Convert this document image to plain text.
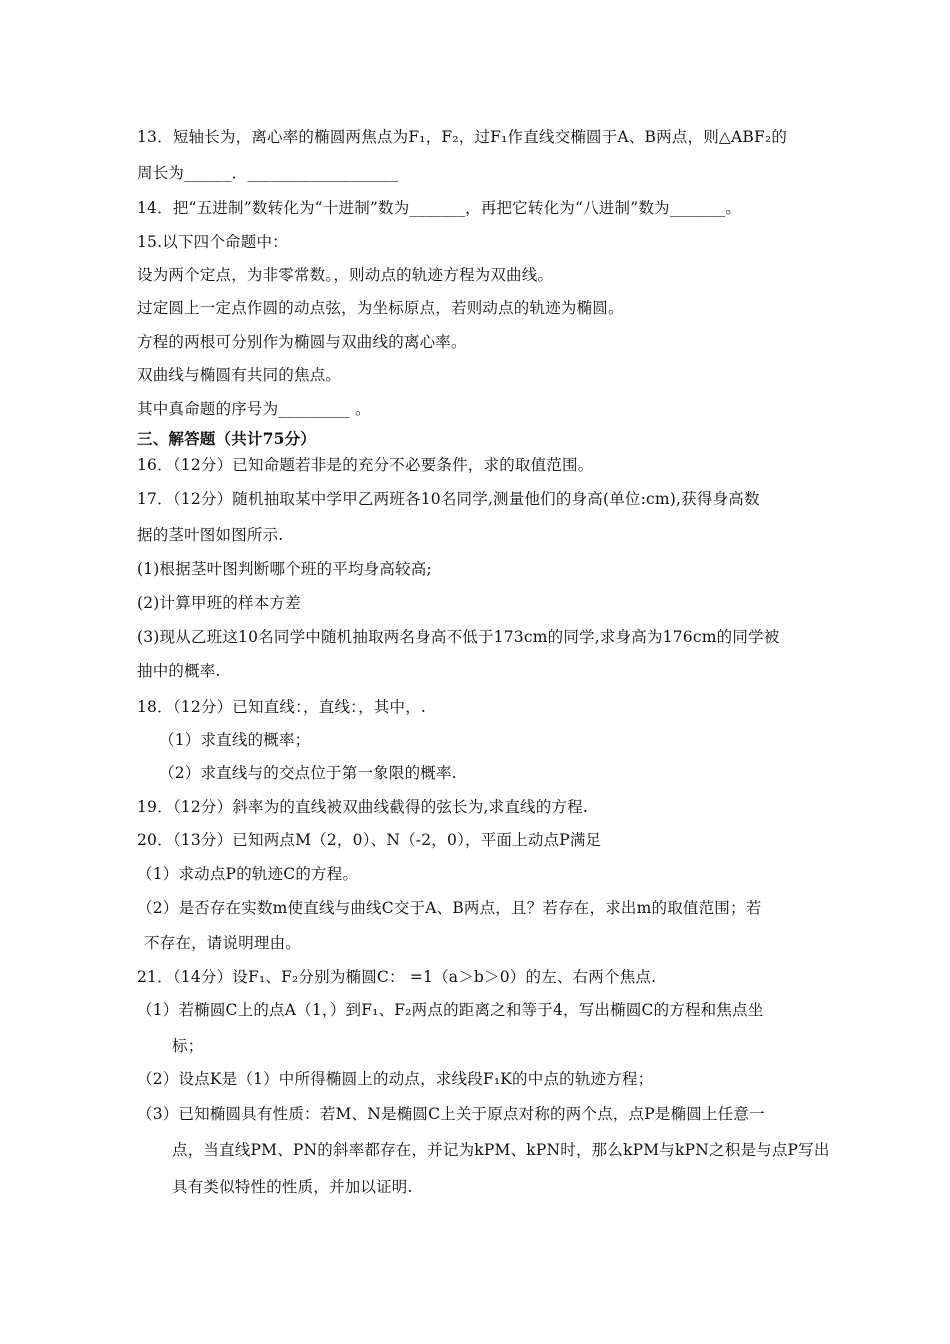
13．短轴长为，离心率的椭圆两焦点为F₁，F₂，过F₁作直线交椭圆于A、B两点，则△ABF₂的
周长为______．___________________
14．把“五进制”数转化为“十进制”数为_______，再把它转化为“八进制”数为_______。
15.以下四个命题中：
设为两个定点，为非零常数。，则动点的轨迹方程为双曲线。
过定圆上一定点作圆的动点弦，为坐标原点，若则动点的轨迹为椭圆。
方程的两根可分别作为椭圆与双曲线的离心率。
双曲线与椭圆有共同的焦点。
其中真命题的序号为_________ 。
三、解答题（共计75分）
16．（12分）已知命题若非是的充分不必要条件，求的取值范围。
17．（12分）随机抽取某中学甲乙两班各10名同学,测量他们的身高(单位:cm),获得身高数
据的茎叶图如图所示.
(1)根据茎叶图判断哪个班的平均身高较高;
(2)计算甲班的样本方差
(3)现从乙班这10名同学中随机抽取两名身高不低于173cm的同学,求身高为176cm的同学被
抽中的概率.
18．（12分）已知直线：，直线：，其中，.
（1）求直线的概率；
（2）求直线与的交点位于第一象限的概率.
19．（12分）斜率为的直线被双曲线截得的弦长为,求直线的方程.
20．（13分）已知两点M（2，0）、N（-2，0），平面上动点P满足
（1）求动点P的轨迹C的方程。
（2）是否存在实数m使直线与曲线C交于A、B两点，且？若存在，求出m的取值范围；若
不存在，请说明理由。
21．（14分）设F₁、F₂分别为椭圆C： =1（a＞b＞0）的左、右两个焦点.
（1）若椭圆C上的点A（1，）到F₁、F₂两点的距离之和等于4，写出椭圆C的方程和焦点坐
标；
（2）设点K是（1）中所得椭圆上的动点，求线段F₁K的中点的轨迹方程；
（3）已知椭圆具有性质：若M、N是椭圆C上关于原点对称的两个点，点P是椭圆上任意一
点，当直线PM、PN的斜率都存在，并记为kPM、kPN时，那么kPM与kPN之积是与点P写出
具有类似特性的性质，并加以证明.
